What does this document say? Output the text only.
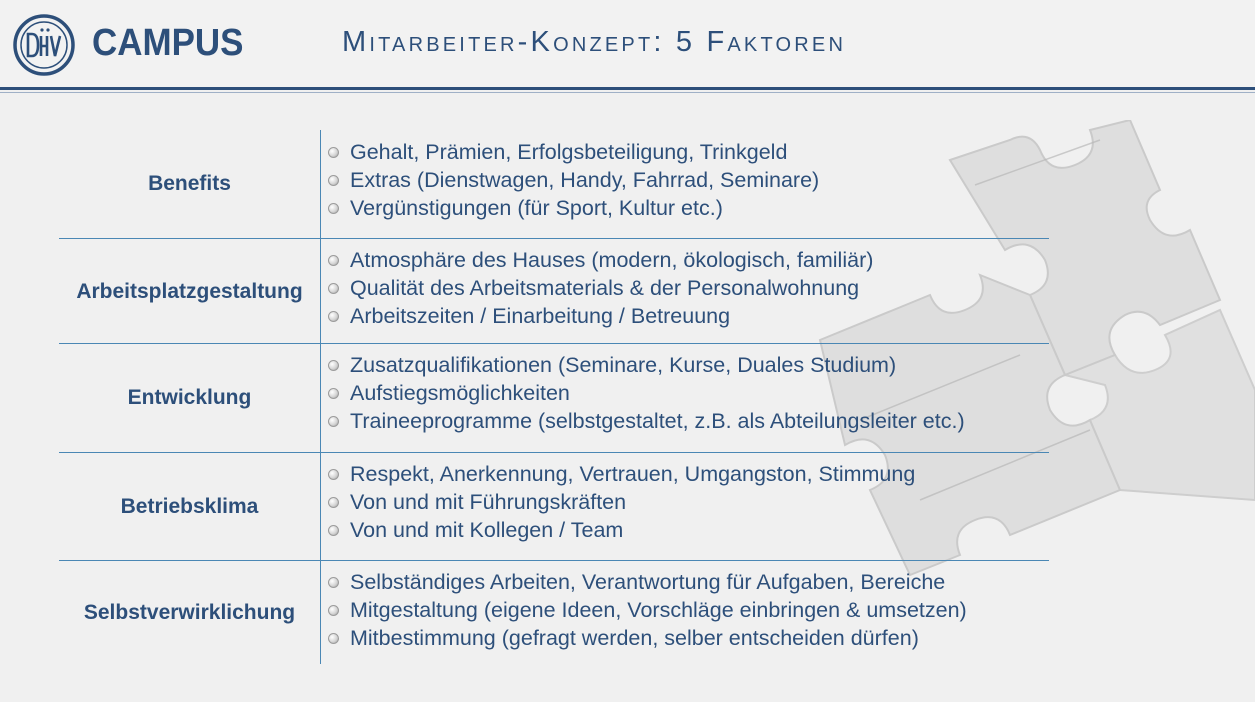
CAMPUS	Mitarbeiter-Konzept: 5 Faktoren
Benefits
Gehalt, Prämien, Erfolgsbeteiligung, Trinkgeld
Extras (Dienstwagen, Handy, Fahrrad, Seminare)
Vergünstigungen (für Sport, Kultur etc.)
Arbeitsplatzgestaltung
Atmosphäre des Hauses (modern, ökologisch, familiär)
Qualität des Arbeitsmaterials & der Personalwohnung
Arbeitszeiten / Einarbeitung / Betreuung
Entwicklung
Zusatzqualifikationen (Seminare, Kurse, Duales Studium)
Aufstiegsmöglichkeiten
Traineeprogramme (selbstgestaltet, z.B. als Abteilungsleiter etc.)
Betriebsklima
Respekt, Anerkennung, Vertrauen, Umgangston, Stimmung
Von und mit Führungskräften
Von und mit Kollegen / Team
Selbstverwirklichung
Selbständiges Arbeiten, Verantwortung für Aufgaben, Bereiche
Mitgestaltung (eigene Ideen, Vorschläge einbringen & umsetzen)
Mitbestimmung (gefragt werden, selber entscheiden dürfen)
